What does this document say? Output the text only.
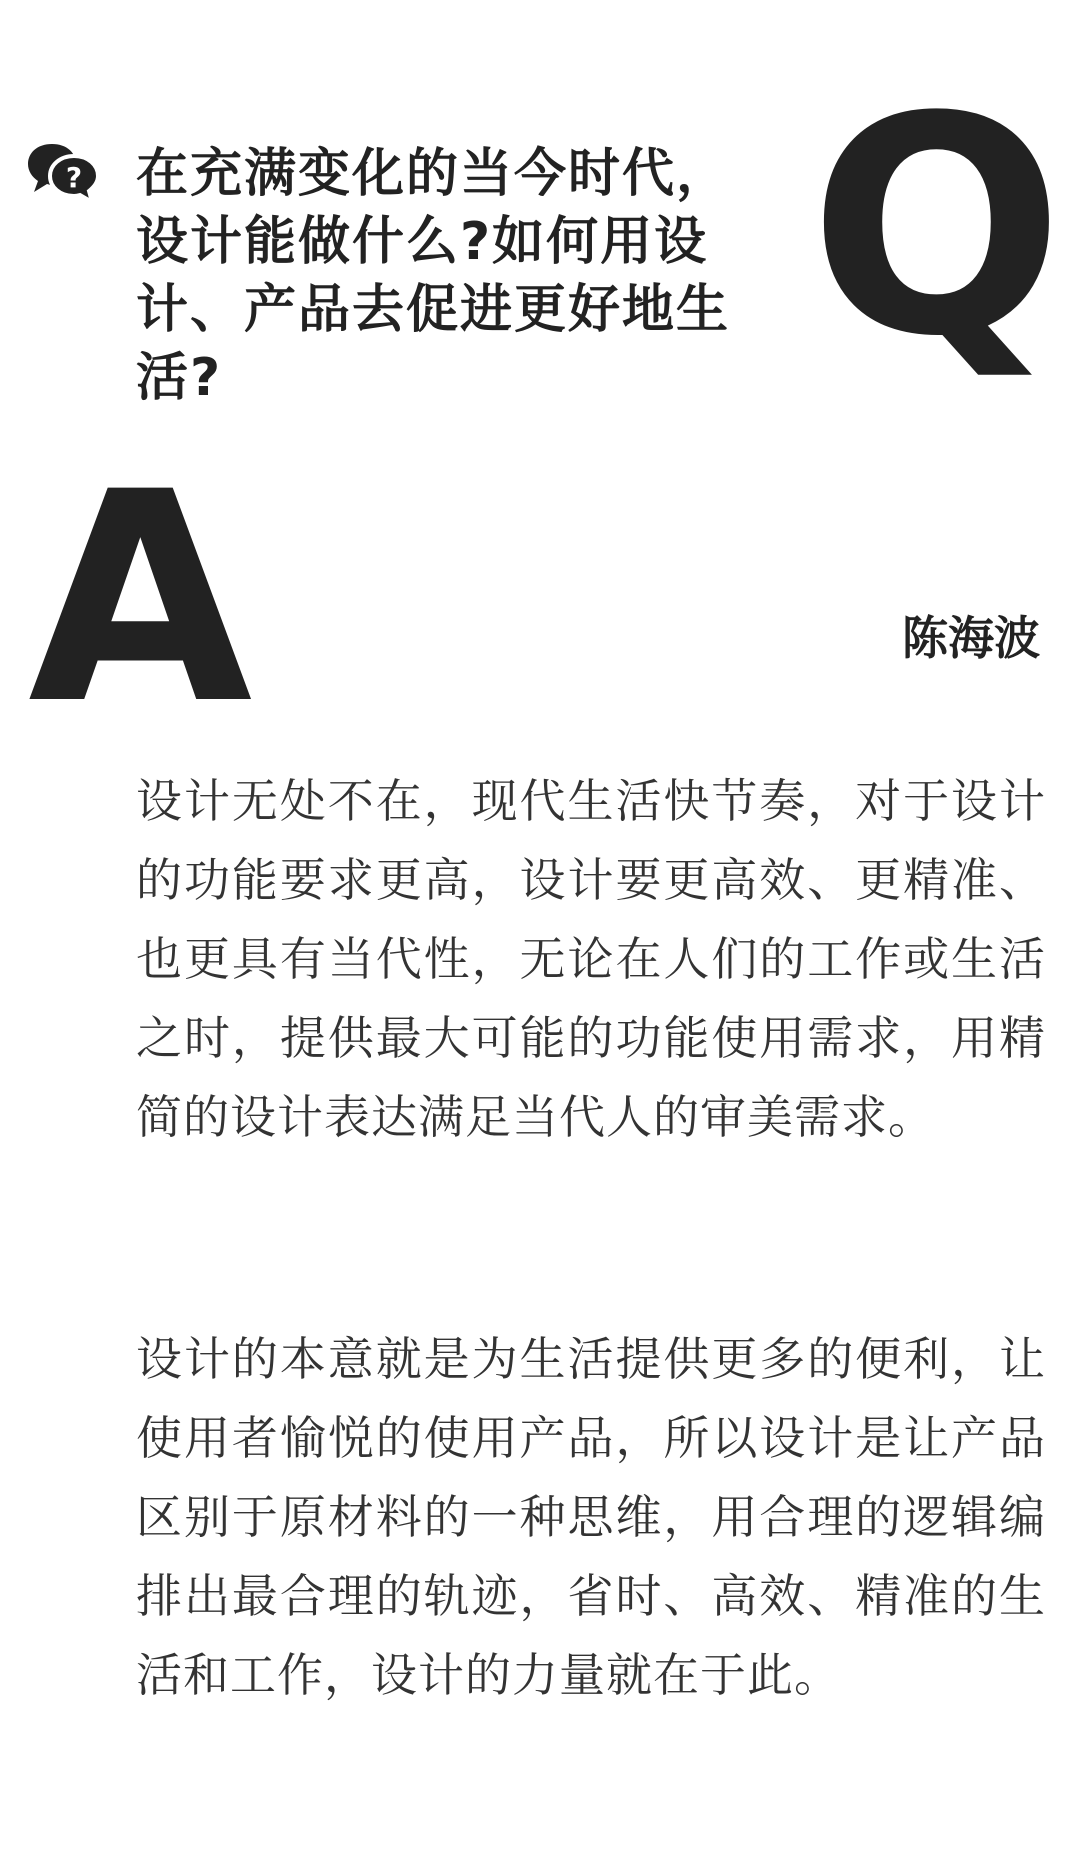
? 在充满变化的当今时代，设计能做什么?如何用设计、产品去促进更好地生活?	Q
A	陈海波

设计无处不在，现代生活快节奏，对于设计的功能要求更高，设计要更高效、更精准、也更具有当代性，无论在人们的工作或生活之时，提供最大可能的功能使用需求，用精简的设计表达满足当代人的审美需求。

设计的本意就是为生活提供更多的便利，让使用者愉悦的使用产品，所以设计是让产品区别于原材料的一种思维，用合理的逻辑编排出最合理的轨迹，省时、高效、精准的生活和工作，设计的力量就在于此。
